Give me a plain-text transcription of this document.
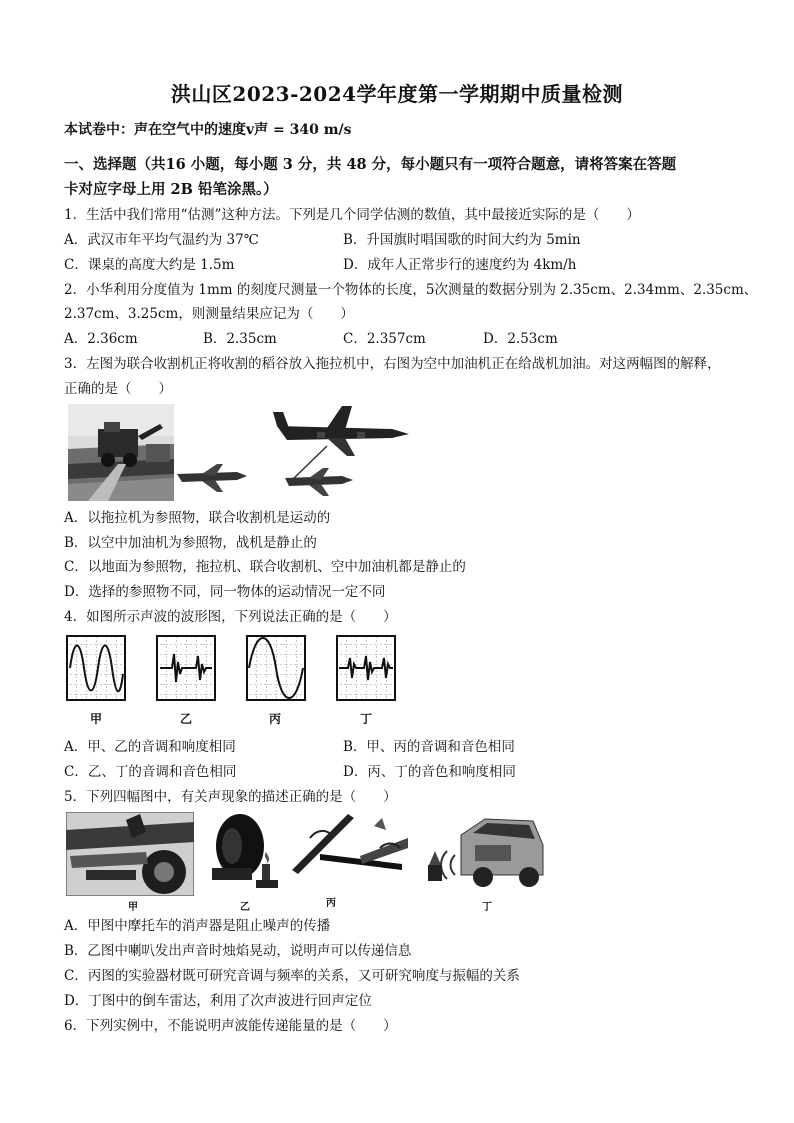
洪山区2023-2024学年度第一学期期中质量检测
本试卷中：声在空气中的速度v声 = 340 m/s
一、选择题（共16 小题，每小题 3 分，共 48 分，每小题只有一项符合题意，请将答案在答题
卡对应字母上用 2B 铅笔涂黑。）
1．生活中我们常用“估测”这种方法。下列是几个同学估测的数值，其中最接近实际的是（　　）
A．武汉市年平均气温约为 37℃	B．升国旗时唱国歌的时间大约为 5min
C．课桌的高度大约是 1.5m	D．成年人正常步行的速度约为 4km/h
2．小华利用分度值为 1mm 的刻度尺测量一个物体的长度，5次测量的数据分别为 2.35cm、2.34mm、2.35cm、
2.37cm、3.25cm，则测量结果应记为（　　）
A．2.36cm	B．2.35cm	C．2.357cm	D．2.53cm
3．左图为联合收割机正将收割的稻谷放入拖拉机中，右图为空中加油机正在给战机加油。对这两幅图的解释，
正确的是（　　）
A．以拖拉机为参照物，联合收割机是运动的
B．以空中加油机为参照物，战机是静止的
C．以地面为参照物，拖拉机、联合收割机、空中加油机都是静止的
D．选择的参照物不同，同一物体的运动情况一定不同
4．如图所示声波的波形图，下列说法正确的是（　　）
甲	乙	丙	丁
A．甲、乙的音调和响度相同	B．甲、丙的音调和音色相同
C．乙、丁的音调和音色相同	D．丙、丁的音色和响度相同
5．下列四幅图中，有关声现象的描述正确的是（　　）
甲	乙	丙	丁
A．甲图中摩托车的消声器是阻止噪声的传播
B．乙图中喇叭发出声音时烛焰晃动，说明声可以传递信息
C．丙图的实验器材既可研究音调与频率的关系，又可研究响度与振幅的关系
D．丁图中的倒车雷达，利用了次声波进行回声定位
6．下列实例中，不能说明声波能传递能量的是（　　）
